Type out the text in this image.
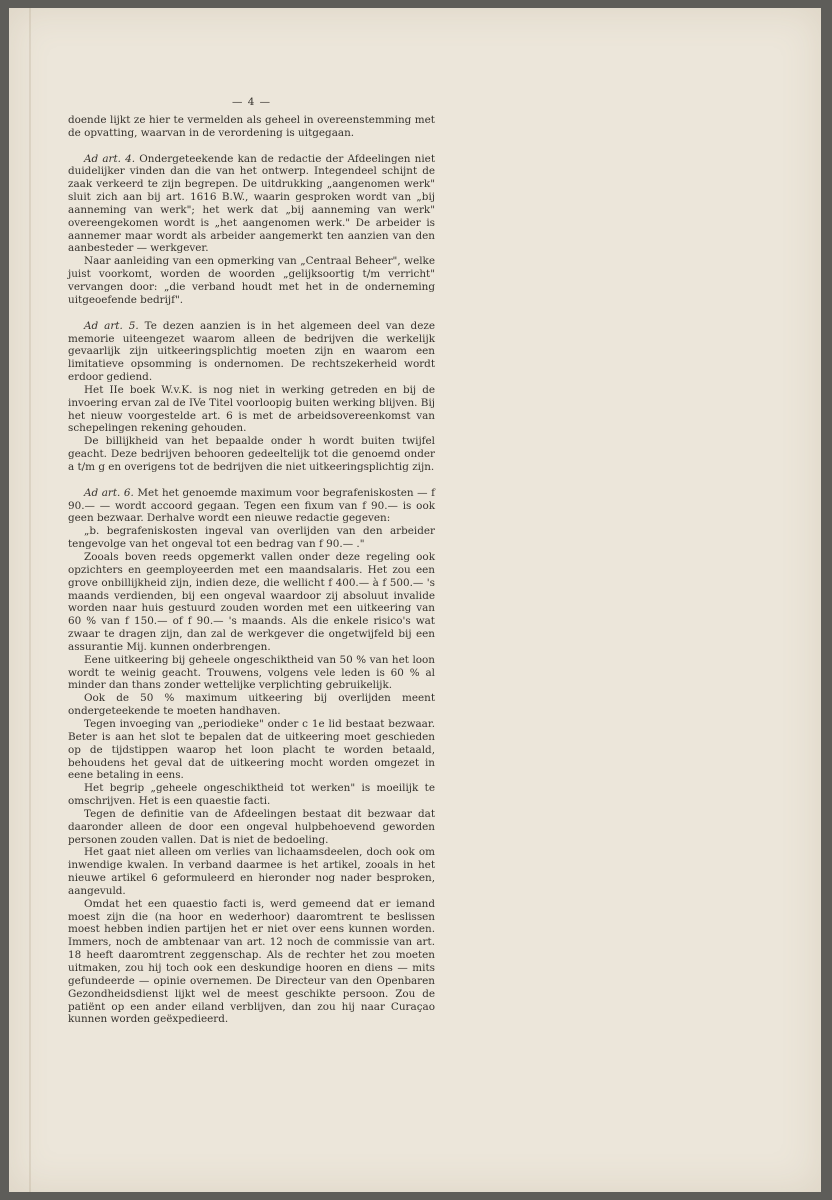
— 4 —

doende lijkt ze hier te vermelden als geheel in overeenstemming met de opvatting, waarvan in de verordening is uitgegaan.

Ad art. 4. Ondergeteekende kan de redactie der Afdeelingen niet duidelijker vinden dan die van het ontwerp. Integendeel schijnt de zaak verkeerd te zijn begrepen. De uitdrukking „aangenomen werk" sluit zich aan bij art. 1616 B.W., waarin gesproken wordt van „bij aanneming van werk"; het werk dat „bij aanneming van werk" overeengekomen wordt is „het aangenomen werk." De arbeider is aannemer maar wordt als arbeider aangemerkt ten aanzien van den aanbesteder — werkgever.

Naar aanleiding van een opmerking van „Centraal Beheer", welke juist voorkomt, worden de woorden „gelijksoortig t/m verricht" vervangen door: „die verband houdt met het in de onderneming uitgeoefende bedrijf".

Ad art. 5. Te dezen aanzien is in het algemeen deel van deze memorie uiteengezet waarom alleen de bedrijven die werkelijk gevaarlijk zijn uitkeeringsplichtig moeten zijn en waarom een limitatieve opsomming is ondernomen. De rechtszekerheid wordt erdoor gediend.

Het IIe boek W.v.K. is nog niet in werking getreden en bij de invoering ervan zal de IVe Titel voorloopig buiten werking blijven. Bij het nieuw voorgestelde art. 6 is met de arbeidsovereenkomst van schepelingen rekening gehouden.

De billijkheid van het bepaalde onder h wordt buiten twijfel geacht. Deze bedrijven behooren gedeeltelijk tot die genoemd onder a t/m g en overigens tot de bedrijven die niet uitkeeringsplichtig zijn.

Ad art. 6. Met het genoemde maximum voor begrafeniskosten — f 90.— — wordt accoord gegaan. Tegen een fixum van f 90.— is ook geen bezwaar. Derhalve wordt een nieuwe redactie gegeven:

„b. begrafeniskosten ingeval van overlijden van den arbeider tengevolge van het ongeval tot een bedrag van f 90.— ."

Zooals boven reeds opgemerkt vallen onder deze regeling ook opzichters en geemployeerden met een maandsalaris. Het zou een grove onbillijkheid zijn, indien deze, die wellicht f 400.— à f 500.— 's maands verdienden, bij een ongeval waardoor zij absoluut invalide worden naar huis gestuurd zouden worden met een uitkeering van 60 % van f 150.— of f 90.— 's maands. Als die enkele risico's wat zwaar te dragen zijn, dan zal de werkgever die ongetwijfeld bij een assurantie Mij. kunnen onderbrengen.

Eene uitkeering bij geheele ongeschiktheid van 50 % van het loon wordt te weinig geacht. Trouwens, volgens vele leden is 60 % al minder dan thans zonder wettelijke verplichting gebruikelijk.

Ook de 50 % maximum uitkeering bij overlijden meent ondergeteekende te moeten handhaven.

Tegen invoeging van „periodieke" onder c 1e lid bestaat bezwaar. Beter is aan het slot te bepalen dat de uitkeering moet geschieden op de tijdstippen waarop het loon placht te worden betaald, behoudens het geval dat de uitkeering mocht worden omgezet in eene betaling in eens.

Het begrip „geheele ongeschiktheid tot werken" is moeilijk te omschrijven. Het is een quaestie facti.

Tegen de definitie van de Afdeelingen bestaat dit bezwaar dat daaronder alleen de door een ongeval hulpbehoevend geworden personen zouden vallen. Dat is niet de bedoeling.

Het gaat niet alleen om verlies van lichaamsdeelen, doch ook om inwendige kwalen. In verband daarmee is het artikel, zooals in het nieuwe artikel 6 geformuleerd en hieronder nog nader besproken, aangevuld.

Omdat het een quaestio facti is, werd gemeend dat er iemand moest zijn die (na hoor en wederhoor) daaromtrent te beslissen moest hebben indien partijen het er niet over eens kunnen worden. Immers, noch de ambtenaar van art. 12 noch de commissie van art. 18 heeft daaromtrent zeggenschap. Als de rechter het zou moeten uitmaken, zou hij toch ook een deskundige hooren en diens — mits gefundeerde — opinie overnemen. De Directeur van den Openbaren Gezondheidsdienst lijkt wel de meest geschikte persoon. Zou de patiënt op een ander eiland verblijven, dan zou hij naar Curaçao kunnen worden geëxpedieerd.
